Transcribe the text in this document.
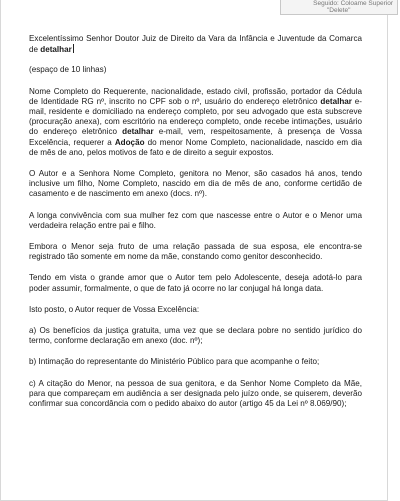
Seguido: Coloame Superior
"Delete"

Excelentíssimo Senhor Doutor Juiz de Direito da Vara da Infância e Juventude da Comarca de detalhar

(espaço de 10 linhas)

Nome Completo do Requerente, nacionalidade, estado civil, profissão, portador da Cédula de Identidade RG nº, inscrito no CPF sob o nº, usuário do endereço eletrônico detalhar e-mail, residente e domiciliado na endereço completo, por seu advogado que esta subscreve (procuração anexa), com escritório na endereço completo, onde recebe intimações, usuário do endereço eletrônico detalhar e-mail, vem, respeitosamente, à presença de Vossa Excelência, requerer a Adoção do menor Nome Completo, nacionalidade, nascido em dia de mês de ano, pelos motivos de fato e de direito a seguir expostos.

O Autor e a Senhora Nome Completo, genitora no Menor, são casados há anos, tendo inclusive um filho, Nome Completo, nascido em dia de mês de ano, conforme certidão de casamento e de nascimento em anexo (docs. nº).

A longa convivência com sua mulher fez com que nascesse entre o Autor e o Menor uma verdadeira relação entre pai e filho.

Embora o Menor seja fruto de uma relação passada de sua esposa, ele encontra-se registrado tão somente em nome da mãe, constando como genitor desconhecido.

Tendo em vista o grande amor que o Autor tem pelo Adolescente, deseja adotá-lo para poder assumir, formalmente, o que de fato já ocorre no lar conjugal há longa data.

Isto posto, o Autor requer de Vossa Excelência:

a) Os benefícios da justiça gratuita, uma vez que se declara pobre no sentido jurídico do termo, conforme declaração em anexo (doc. nº);

b) Intimação do representante do Ministério Público para que acompanhe o feito;

c) A citação do Menor, na pessoa de sua genitora, e da Senhor Nome Completo da Mãe, para que compareçam em audiência a ser designada pelo juízo onde, se quiserem, deverão confirmar sua concordância com o pedido abaixo do autor (artigo 45 da Lei nº 8.069/90);
